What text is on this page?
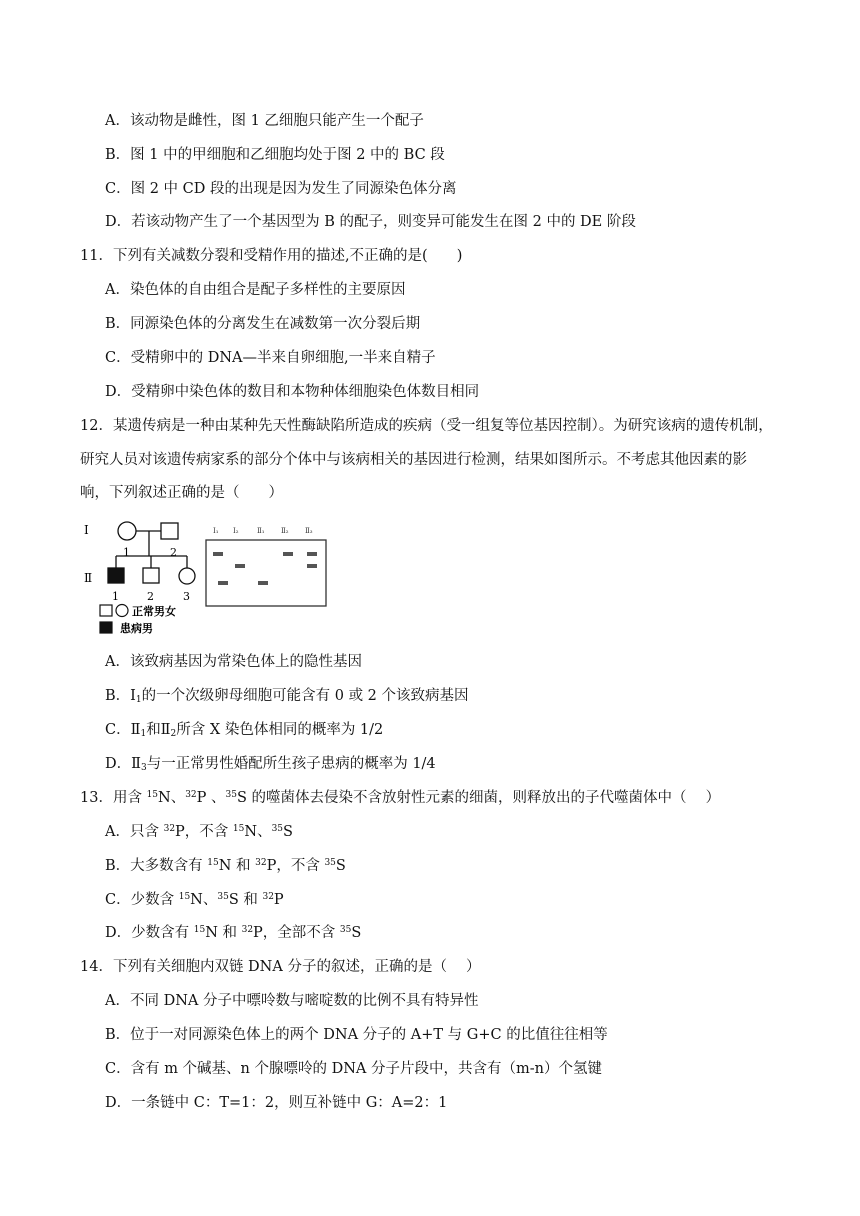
A．该动物是雌性，图 1 乙细胞只能产生一个配子
B．图 1 中的甲细胞和乙细胞均处于图 2 中的 BC 段
C．图 2 中 CD 段的出现是因为发生了同源染色体分离
D．若该动物产生了一个基因型为 B 的配子，则变异可能发生在图 2 中的 DE 阶段
11．下列有关减数分裂和受精作用的描述,不正确的是(　　)
A．染色体的自由组合是配子多样性的主要原因
B．同源染色体的分离发生在减数第一次分裂后期
C．受精卵中的 DNA—半来自卵细胞,一半来自精子
D．受精卵中染色体的数目和本物种体细胞染色体数目相同
12．某遗传病是一种由某种先天性酶缺陷所造成的疾病（受一组复等位基因控制）。为研究该病的遗传机制，
研究人员对该遗传病家系的部分个体中与该病相关的基因进行检测，结果如图所示。不考虑其他因素的影
响，下列叙述正确的是（　　）
Ⅰ
Ⅱ
1	2
1	2	3
正常男女
患病男
Ⅰ₁ Ⅰ₂	Ⅱ₁ Ⅱ₂ Ⅱ₃
A．该致病基因为常染色体上的隐性基因
B．$Ⅰ_1$的一个次级卵母细胞可能含有 0 或 2 个该致病基因
C．$Ⅱ_1$和$Ⅱ_2$所含 X 染色体相同的概率为 1/2
D．$Ⅱ_3$与一正常男性婚配所生孩子患病的概率为 1/4
13．用含 $^{15}$N、$^{32}$P 、$^{35}$S 的噬菌体去侵染不含放射性元素的细菌，则释放出的子代噬菌体中（　 ）
A．只含 $^{32}$P，不含 $^{15}$N、$^{35}$S
B．大多数含有 $^{15}$N 和 $^{32}$P，不含 $^{35}$S
C．少数含 $^{15}$N、$^{35}$S 和 $^{32}$P
D．少数含有 $^{15}$N 和 $^{32}$P，全部不含 $^{35}$S
14．下列有关细胞内双链 DNA 分子的叙述，正确的是（　 ）
A．不同 DNA 分子中嘌呤数与嘧啶数的比例不具有特异性
B．位于一对同源染色体上的两个 DNA 分子的 A+T 与 G+C 的比值往往相等
C．含有 m 个碱基、n 个腺嘌呤的 DNA 分子片段中，共含有（m-n）个氢键
D．一条链中 C：T=1：2，则互补链中 G：A=2：1
